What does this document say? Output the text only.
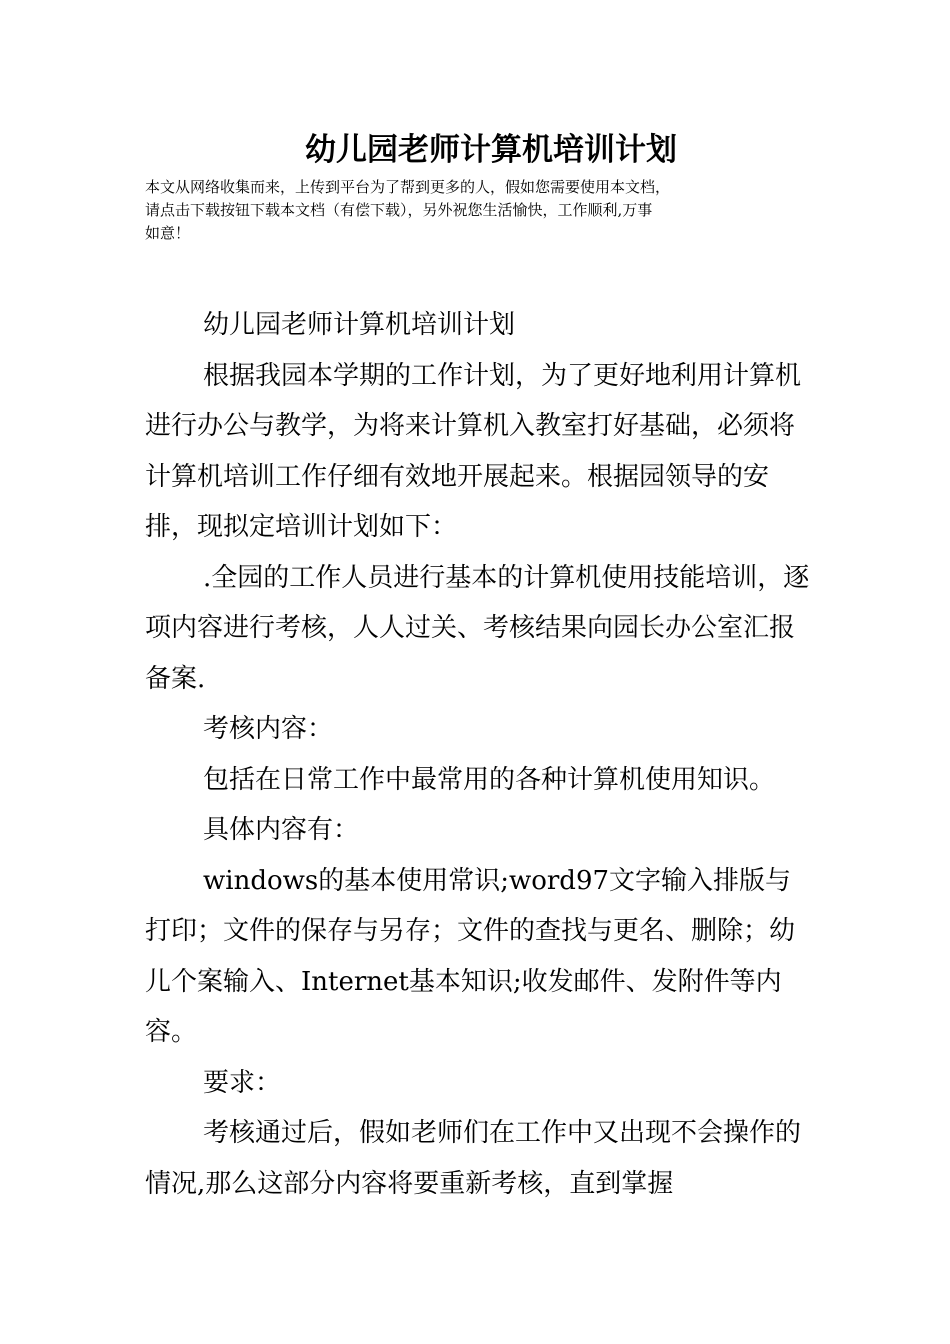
幼儿园老师计算机培训计划
本文从网络收集而来，上传到平台为了帮到更多的人，假如您需要使用本文档，
请点击下载按钮下载本文档（有偿下载），另外祝您生活愉快，工作顺利,万事
如意！

幼儿园老师计算机培训计划

根据我园本学期的工作计划，为了更好地利用计算机进行办公与教学，为将来计算机入教室打好基础，必须将计算机培训工作仔细有效地开展起来。根据园领导的安排，现拟定培训计划如下：

.全园的工作人员进行基本的计算机使用技能培训，逐项内容进行考核，人人过关、考核结果向园长办公室汇报备案.

考核内容：

包括在日常工作中最常用的各种计算机使用知识。

具体内容有：

windows的基本使用常识;word97文字输入排版与打印；文件的保存与另存；文件的查找与更名、删除；幼儿个案输入、Internet基本知识;收发邮件、发附件等内容。

要求：

考核通过后，假如老师们在工作中又出现不会操作的情况,那么这部分内容将要重新考核，直到掌握
